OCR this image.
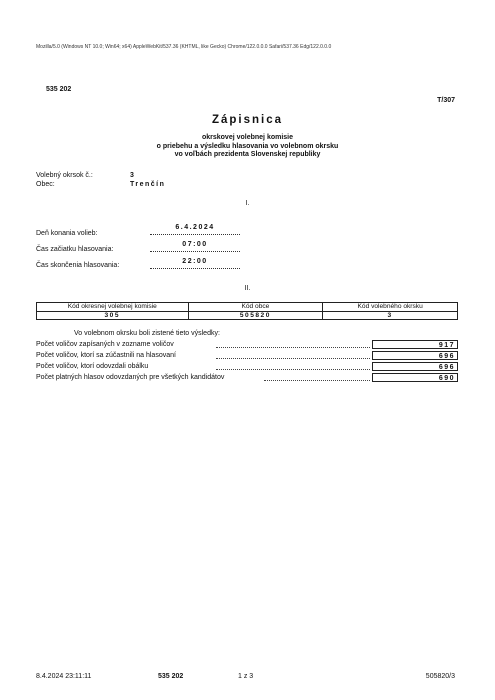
Mozilla/5.0 (Windows NT 10.0; Win64; x64) AppleWebKit/537.36 (KHTML, like Gecko) Chrome/122.0.0.0 Safari/537.36 Edg/122.0.0.0
535 202
T/307
Zápisnica
okrskovej volebnej komisie
o priebehu a výsledku hlasovania vo volebnom okrsku
vo voľbách prezidenta Slovenskej republiky
Volebný okrsok č.:	3
Obec:	Trenčín
I.
Deň konania volieb:
6.4.2024
Čas začiatku hlasovania:
07:00
Čas skončenia hlasovania:
22:00
II.
Kód okresnej volebnej komisie	Kód obce	Kód volebného okrsku
305	505820	3
Vo volebnom okrsku boli zistené tieto výsledky:
Počet voličov zapísaných v zozname voličov	917
Počet voličov, ktorí sa zúčastnili na hlasovaní	696
Počet voličov, ktorí odovzdali obálku	696
Počet platných hlasov odovzdaných pre všetkých kandidátov	690
8.4.2024 23:11:11	535 202	1 z 3	505820/3
